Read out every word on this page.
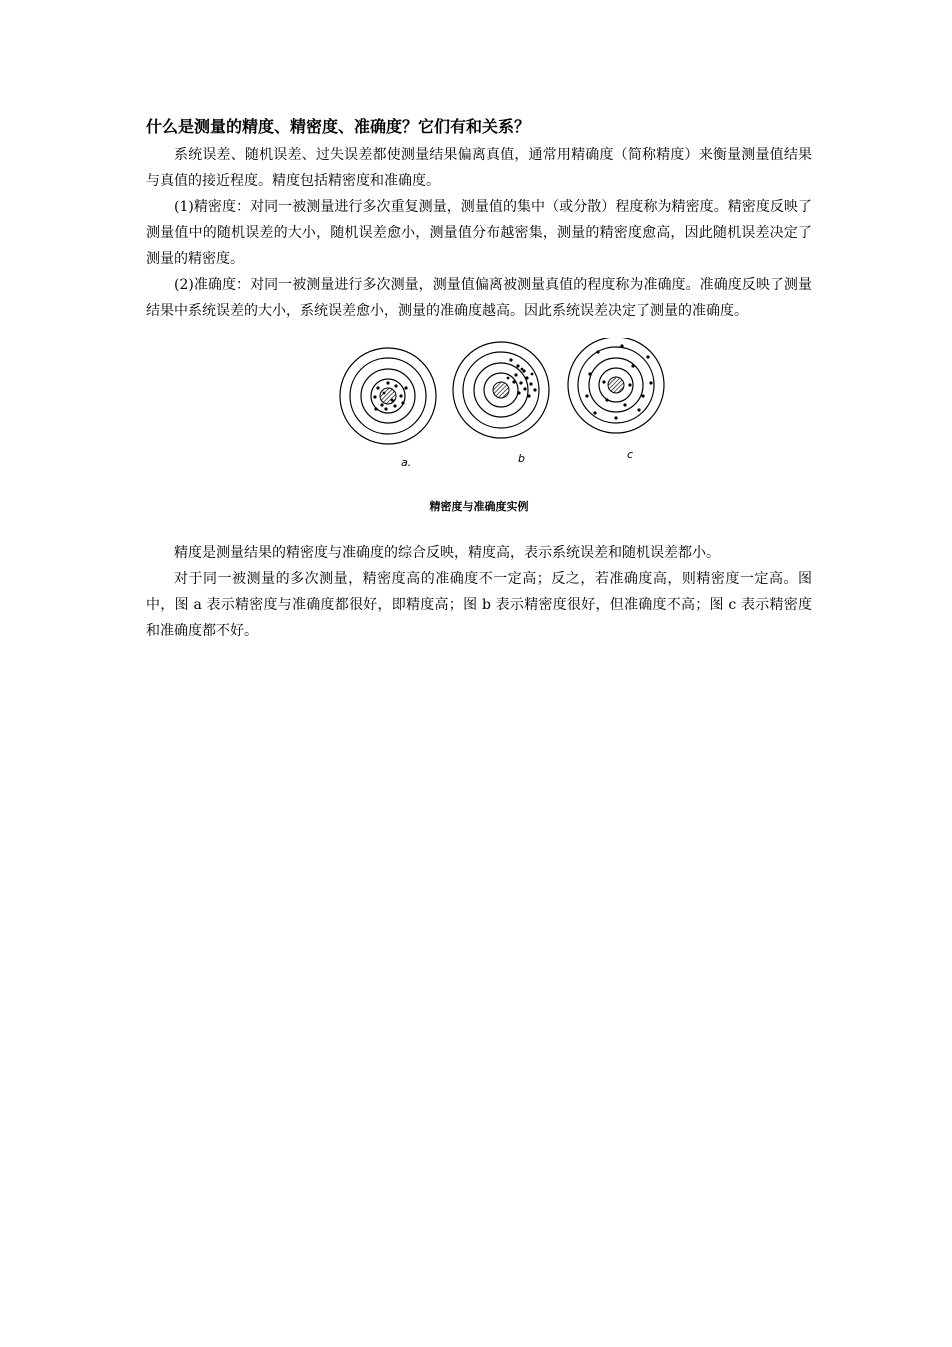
什么是测量的精度、精密度、准确度？它们有和关系？

系统误差、随机误差、过失误差都使测量结果偏离真值，通常用精确度（简称精度）来衡量测量值结果与真值的接近程度。精度包括精密度和准确度。

(1)精密度：对同一被测量进行多次重复测量，测量值的集中（或分散）程度称为精密度。精密度反映了测量值中的随机误差的大小，随机误差愈小，测量值分布越密集，测量的精密度愈高，因此随机误差决定了测量的精密度。

(2)准确度：对同一被测量进行多次测量，测量值偏离被测量真值的程度称为准确度。准确度反映了测量结果中系统误差的大小，系统误差愈小，测量的准确度越高。因此系统误差决定了测量的准确度。

a.	b	c
精密度与准确度实例

精度是测量结果的精密度与准确度的综合反映，精度高，表示系统误差和随机误差都小。

对于同一被测量的多次测量，精密度高的准确度不一定高；反之，若准确度高，则精密度一定高。图中，图 a 表示精密度与准确度都很好，即精度高；图 b 表示精密度很好，但准确度不高；图 c 表示精密度和准确度都不好。
